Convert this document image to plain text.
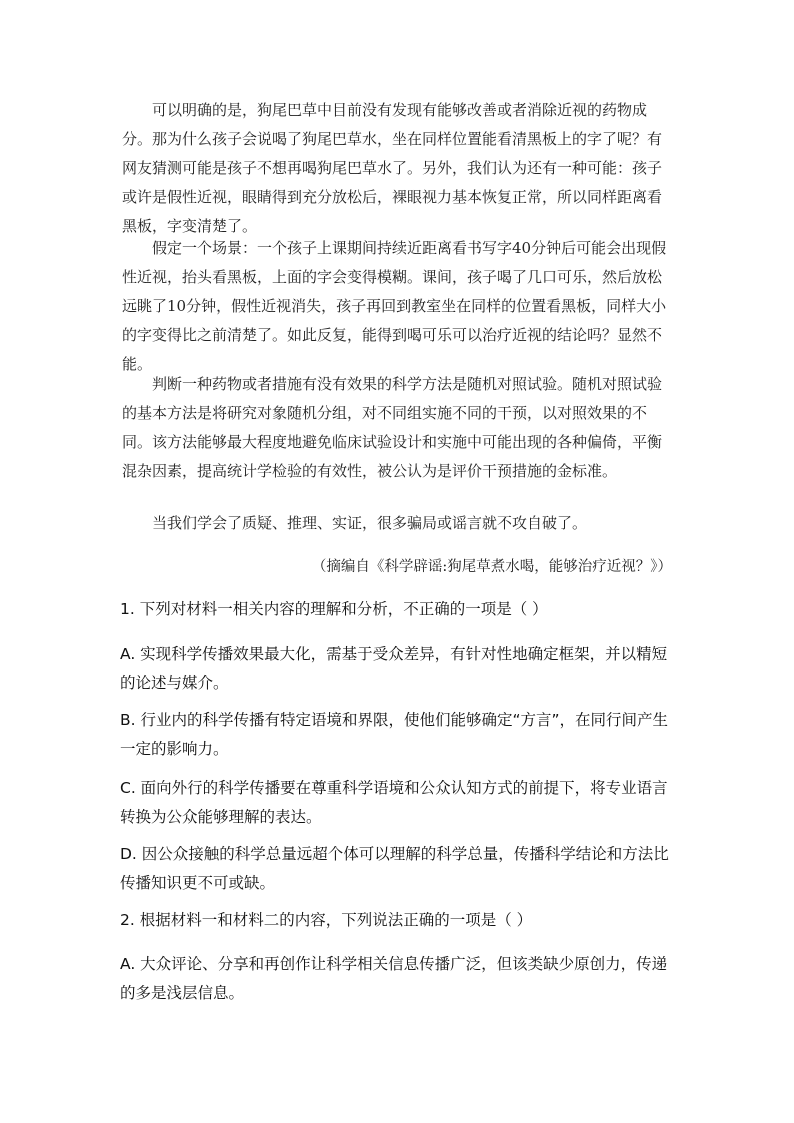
可以明确的是，狗尾巴草中目前没有发现有能够改善或者消除近视的药物成分。那为什么孩子会说喝了狗尾巴草水，坐在同样位置能看清黑板上的字了呢？有网友猜测可能是孩子不想再喝狗尾巴草水了。另外，我们认为还有一种可能：孩子或许是假性近视，眼睛得到充分放松后，裸眼视力基本恢复正常，所以同样距离看黑板，字变清楚了。

假定一个场景：一个孩子上课期间持续近距离看书写字40分钟后可能会出现假性近视，抬头看黑板，上面的字会变得模糊。课间，孩子喝了几口可乐，然后放松远眺了10分钟，假性近视消失，孩子再回到教室坐在同样的位置看黑板，同样大小的字变得比之前清楚了。如此反复，能得到喝可乐可以治疗近视的结论吗？显然不能。

判断一种药物或者措施有没有效果的科学方法是随机对照试验。随机对照试验的基本方法是将研究对象随机分组，对不同组实施不同的干预，以对照效果的不同。该方法能够最大程度地避免临床试验设计和实施中可能出现的各种偏倚，平衡混杂因素，提高统计学检验的有效性，被公认为是评价干预措施的金标准。

当我们学会了质疑、推理、实证，很多骗局或谣言就不攻自破了。

（摘编自《科学辟谣:狗尾草煮水喝，能够治疗近视？》）

1. 下列对材料一相关内容的理解和分析，不正确的一项是（ ）

A. 实现科学传播效果最大化，需基于受众差异，有针对性地确定框架，并以精短的论述与媒介。

B. 行业内的科学传播有特定语境和界限，使他们能够确定“方言”，在同行间产生一定的影响力。

C. 面向外行的科学传播要在尊重科学语境和公众认知方式的前提下，将专业语言转换为公众能够理解的表达。

D. 因公众接触的科学总量远超个体可以理解的科学总量，传播科学结论和方法比传播知识更不可或缺。

2. 根据材料一和材料二的内容，下列说法正确的一项是（ ）

A. 大众评论、分享和再创作让科学相关信息传播广泛，但该类缺少原创力，传递的多是浅层信息。
